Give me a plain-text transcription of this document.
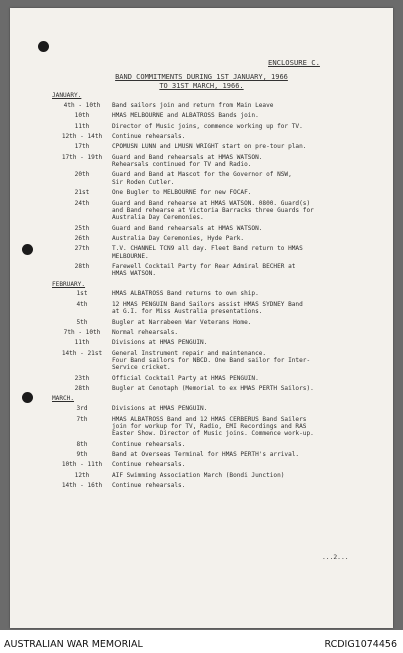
ENCLOSURE C.
BAND COMMITMENTS DURING 1ST JANUARY, 1966
TO 31ST MARCH, 1966.
JANUARY.
4th - 10th	Band sailors join and return from Main Leave
10th	HMAS MELBOURNE and ALBATROSS Bands join.
11th	Director of Music joins, commence working up for TV.
12th - 14th	Continue rehearsals.
17th	CPOMUSN LUNN and LMUSN WRIGHT start on pre-tour plan.
17th - 19th	Guard and Band rehearsals at HMAS WATSON.
Rehearsals continued for TV and Radio.
20th	Guard and Band at Mascot for the Governor of NSW,
Sir Roden Cutler.
21st	One Bugler to MELBOURNE for new FOCAF.
24th	Guard and Band rehearse at HMAS WATSON. 0800. Guard(s)
and Band rehearse at Victoria Barracks three Guards for
Australia Day Ceremonies.
25th	Guard and Band rehearsals at HMAS WATSON.
26th	Australia Day Ceremonies, Hyde Park.
27th	T.V. CHANNEL TCN9 all day. Fleet Band return to HMAS
MELBOURNE.
28th	Farewell Cocktail Party for Rear Admiral BECHER at
HMAS WATSON.
FEBRUARY.
1st	HMAS ALBATROSS Band returns to own ship.
4th	12 HMAS PENGUIN Band Sailors assist HMAS SYDNEY Band
at G.I. for Miss Australia presentations.
5th	Bugler at Narrabeen War Veterans Home.
7th - 10th	Normal rehearsals.
11th	Divisions at HMAS PENGUIN.
14th - 21st	General Instrument repair and maintenance.
Four Band sailors for NBCD. One Band sailor for Inter-
Service cricket.
23th	Official Cocktail Party at HMAS PENGUIN.
28th	Bugler at Cenotaph (Memorial to ex HMAS PERTH Sailors).
MARCH.
3rd	Divisions at HMAS PENGUIN.
7th	HMAS ALBATROSS Band and 12 HMAS CERBERUS Band Sailers
join for workup for TV, Radio, EMI Recordings and RAS
Easter Show. Director of Music joins. Commence work-up.
8th	Continue rehearsals.
9th	Band at Overseas Terminal for HMAS PERTH's arrival.
10th - 11th	Continue rehearsals.
12th	AIF Swimming Association March (Bondi Junction)
14th - 16th	Continue rehearsals.
...2...
AUSTRALIAN WAR MEMORIAL	RCDIG1074456
